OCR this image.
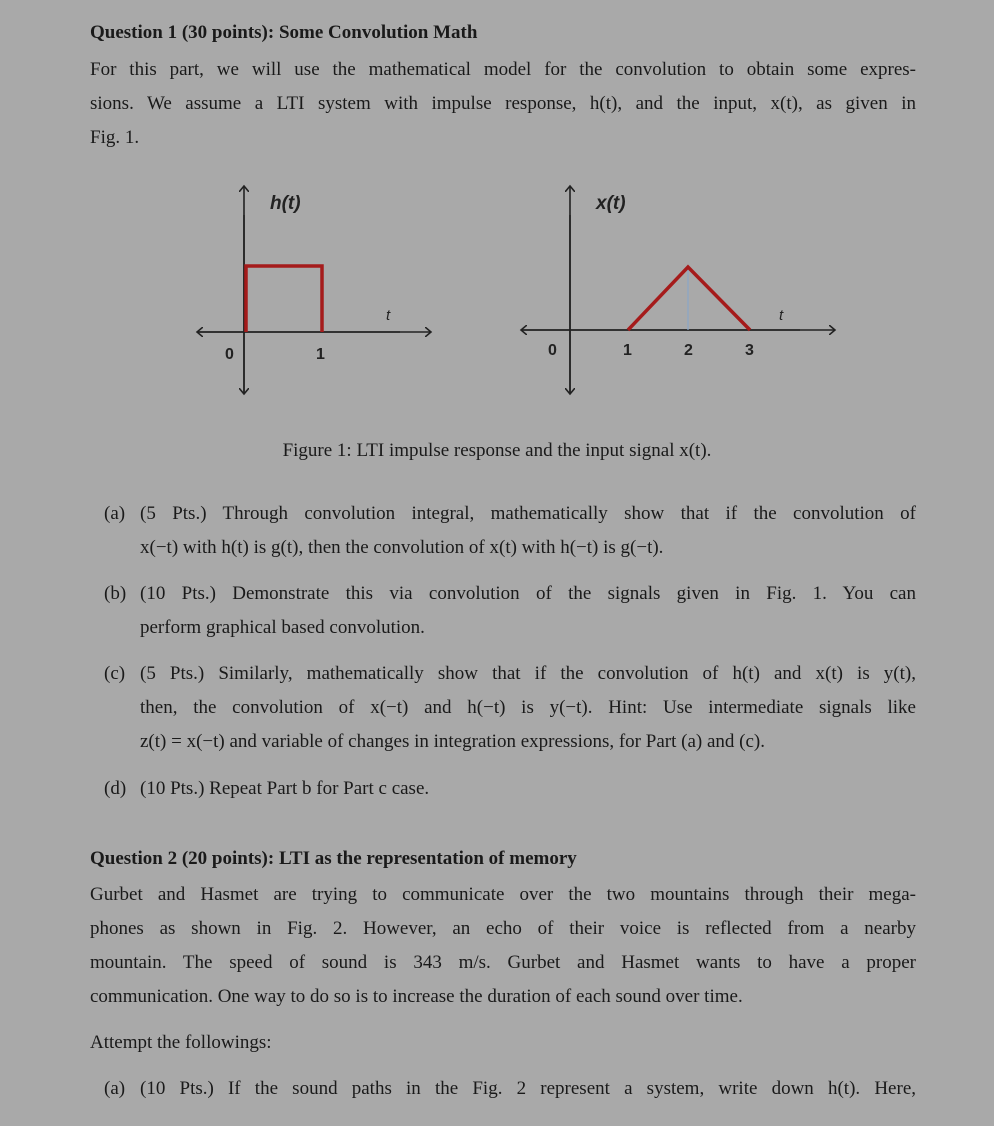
Question 1 (30 points): Some Convolution Math
For this part, we will use the mathematical model for the convolution to obtain some expres-
sions. We assume a LTI system with impulse response, h(t), and the input, x(t), as given in
Fig. 1.
h(t)
t
0	1
x(t)
t
0	1	2	3
Figure 1: LTI impulse response and the input signal x(t).
(a) (5 Pts.) Through convolution integral, mathematically show that if the convolution of
x(−t) with h(t) is g(t), then the convolution of x(t) with h(−t) is g(−t).
(b) (10 Pts.) Demonstrate this via convolution of the signals given in Fig. 1. You can
perform graphical based convolution.
(c) (5 Pts.) Similarly, mathematically show that if the convolution of h(t) and x(t) is y(t),
then, the convolution of x(−t) and h(−t) is y(−t). Hint: Use intermediate signals like
z(t) = x(−t) and variable of changes in integration expressions, for Part (a) and (c).
(d) (10 Pts.) Repeat Part b for Part c case.
Question 2 (20 points): LTI as the representation of memory
Gurbet and Hasmet are trying to communicate over the two mountains through their mega-
phones as shown in Fig. 2. However, an echo of their voice is reflected from a nearby
mountain. The speed of sound is 343 m/s. Gurbet and Hasmet wants to have a proper
communication. One way to do so is to increase the duration of each sound over time.
Attempt the followings:
(a) (10 Pts.) If the sound paths in the Fig. 2 represent a system, write down h(t). Here,
